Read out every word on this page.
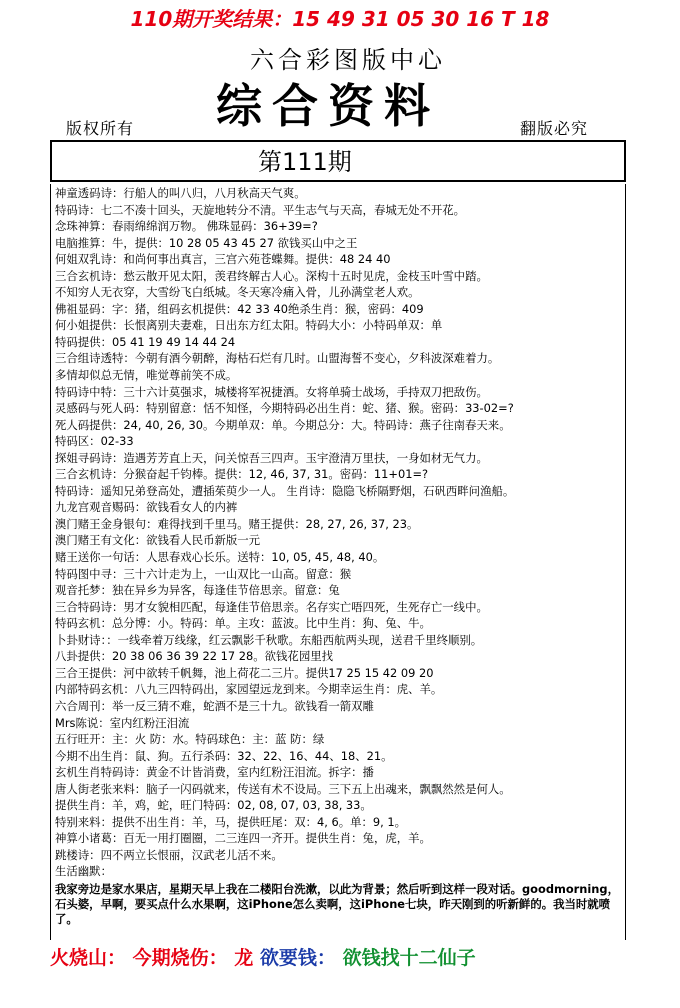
110期开奖结果：15 49 31 05 30 16 T 18
六合彩图版中心
综合资料
版权所有	翻版必究
第111期
神童透码诗：行船人的叫八归，八月秋高天气爽。
特码诗：七二不凑十回头，天旋地转分不清。平生志气与天高，春城无处不开花。
念珠神算：春雨绵绵润万物。 佛珠显码：36+39=?
电脑推算：牛，提供：10 28 05 43 45 27 欲钱买山中之王
何姐双乳诗：和尚何事出真言，三宫六苑苍蝶舞。提供：48 24 40
三合玄机诗：愁云散开见太阳，羡君终解古人心。深构十五时见虎，金枝玉叶雪中踏。
不知穷人无衣穿，大雪纷飞白纸城。冬天寒冷痛入骨，儿孙满堂老人欢。
佛祖显码：字：猪，组码玄机提供：42 33 40绝杀生肖：猴，密码：409
何小姐提供：长恨离别夫妻难，日出东方红太阳。特码大小：小特码单双：单
特码提供：05 41 19 49 14 44 24
三合组诗透特：今朝有酒今朝醉，海枯石烂有几时。山盟海誓不变心，夕科波深难着力。
多情却似总无情，唯觉尊前笑不成。
特码诗中特：三十六计莫强求，城楼将军祝捷酒。女将单骑士战场，手持双刀把敌伤。
灵感码与死人码：特别留意：恬不知怪，今期特码必出生肖：蛇、猪、猴。密码：33-02=?
死人码提供：24, 40, 26, 30。今期单双：单。今期总分：大。特码诗：燕子往南春天来。
特码区：02-33
探姐寻码诗：造遇芳芳直上天，问关惊吾三四声。玉宇澄清万里扶，一身如材无气力。
三合玄机诗：分猴奋起千钧棒。提供：12, 46, 37, 31。密码：11+01=?
特码诗：遥知兄弟登高处，遭插茱萸少一人。 生肖诗：隐隐飞桥隔野烟，石矾西畔问渔船。
九龙宫观音赐码：欲钱看女人的内裤
澳门赌王金身银句：难得找到千里马。赌王提供：28, 27, 26, 37, 23。
澳门赌王有文化：欲钱看人民币新版一元
赌王送你一句话：人思春戏心长乐。送特：10, 05, 45, 48, 40。
特码图中寻：三十六计走为上，一山双比一山高。留意：猴
观音托梦：独在异乡为异客，每逢佳节倍思亲。留意：兔
三合特码诗：男才女貌相匹配，每逢佳节倍思亲。名存实亡唔四死，生死存亡一线中。
特码玄机：总分博：小。特码：单。主攻：蓝波。比中生肖：狗、兔、牛。
卜卦财诗：：一线牵着万线缘，红云飘影千秋歌。东船西航两头现，送君千里终顺别。
八卦提供：20 38 06 36 39 22 17 28。欲钱花园里找
三合王提供：河中欲转千帆舞，池上荷花二三片。提供17 25 15 42 09 20
内部特码玄机：八九三四特码出，家园望远龙到来。今期幸运生肖：虎、羊。
六合周刊：举一反三猜不难，蛇酒不是三十九。欲钱看一箭双雕
Mrs陈说：室内红粉汪泪流
五行旺开：主：火 防：水。特码球色：主：蓝 防：绿
今期不出生肖：鼠、狗。五行杀码：32、22、16、44、18、21。
玄机生肖特码诗：黄金不计皆消费，室内红粉汪泪流。拆字：播
唐人街老张来料：脑子一闪码就来，传送有术不设局。三下五上出魂来，飘飘然然是何人。
提供生肖：羊，鸡，蛇，旺门特码：02, 08, 07, 03, 38, 33。
特别来料：提供不出生肖：羊，马，提供旺尾：双：4, 6。单：9, 1。
神算小诸葛：百无一用打圈圈，二三连四一齐开。提供生肖：兔，虎，羊。
跳楼诗：四不两立长恨丽，汉武老儿活不来。
生活幽默：
我家旁边是家水果店，星期天早上我在二楼阳台洗漱，以此为背景；然后听到这样一段对话。goodmorning，石头婆，早啊，要买点什么水果啊，这iPhone怎么卖啊，这iPhone七块，昨天刚到的听新鲜的。我当时就喷了。
火烧山： 今期烧伤： 龙 欲要钱： 欲钱找十二仙子
